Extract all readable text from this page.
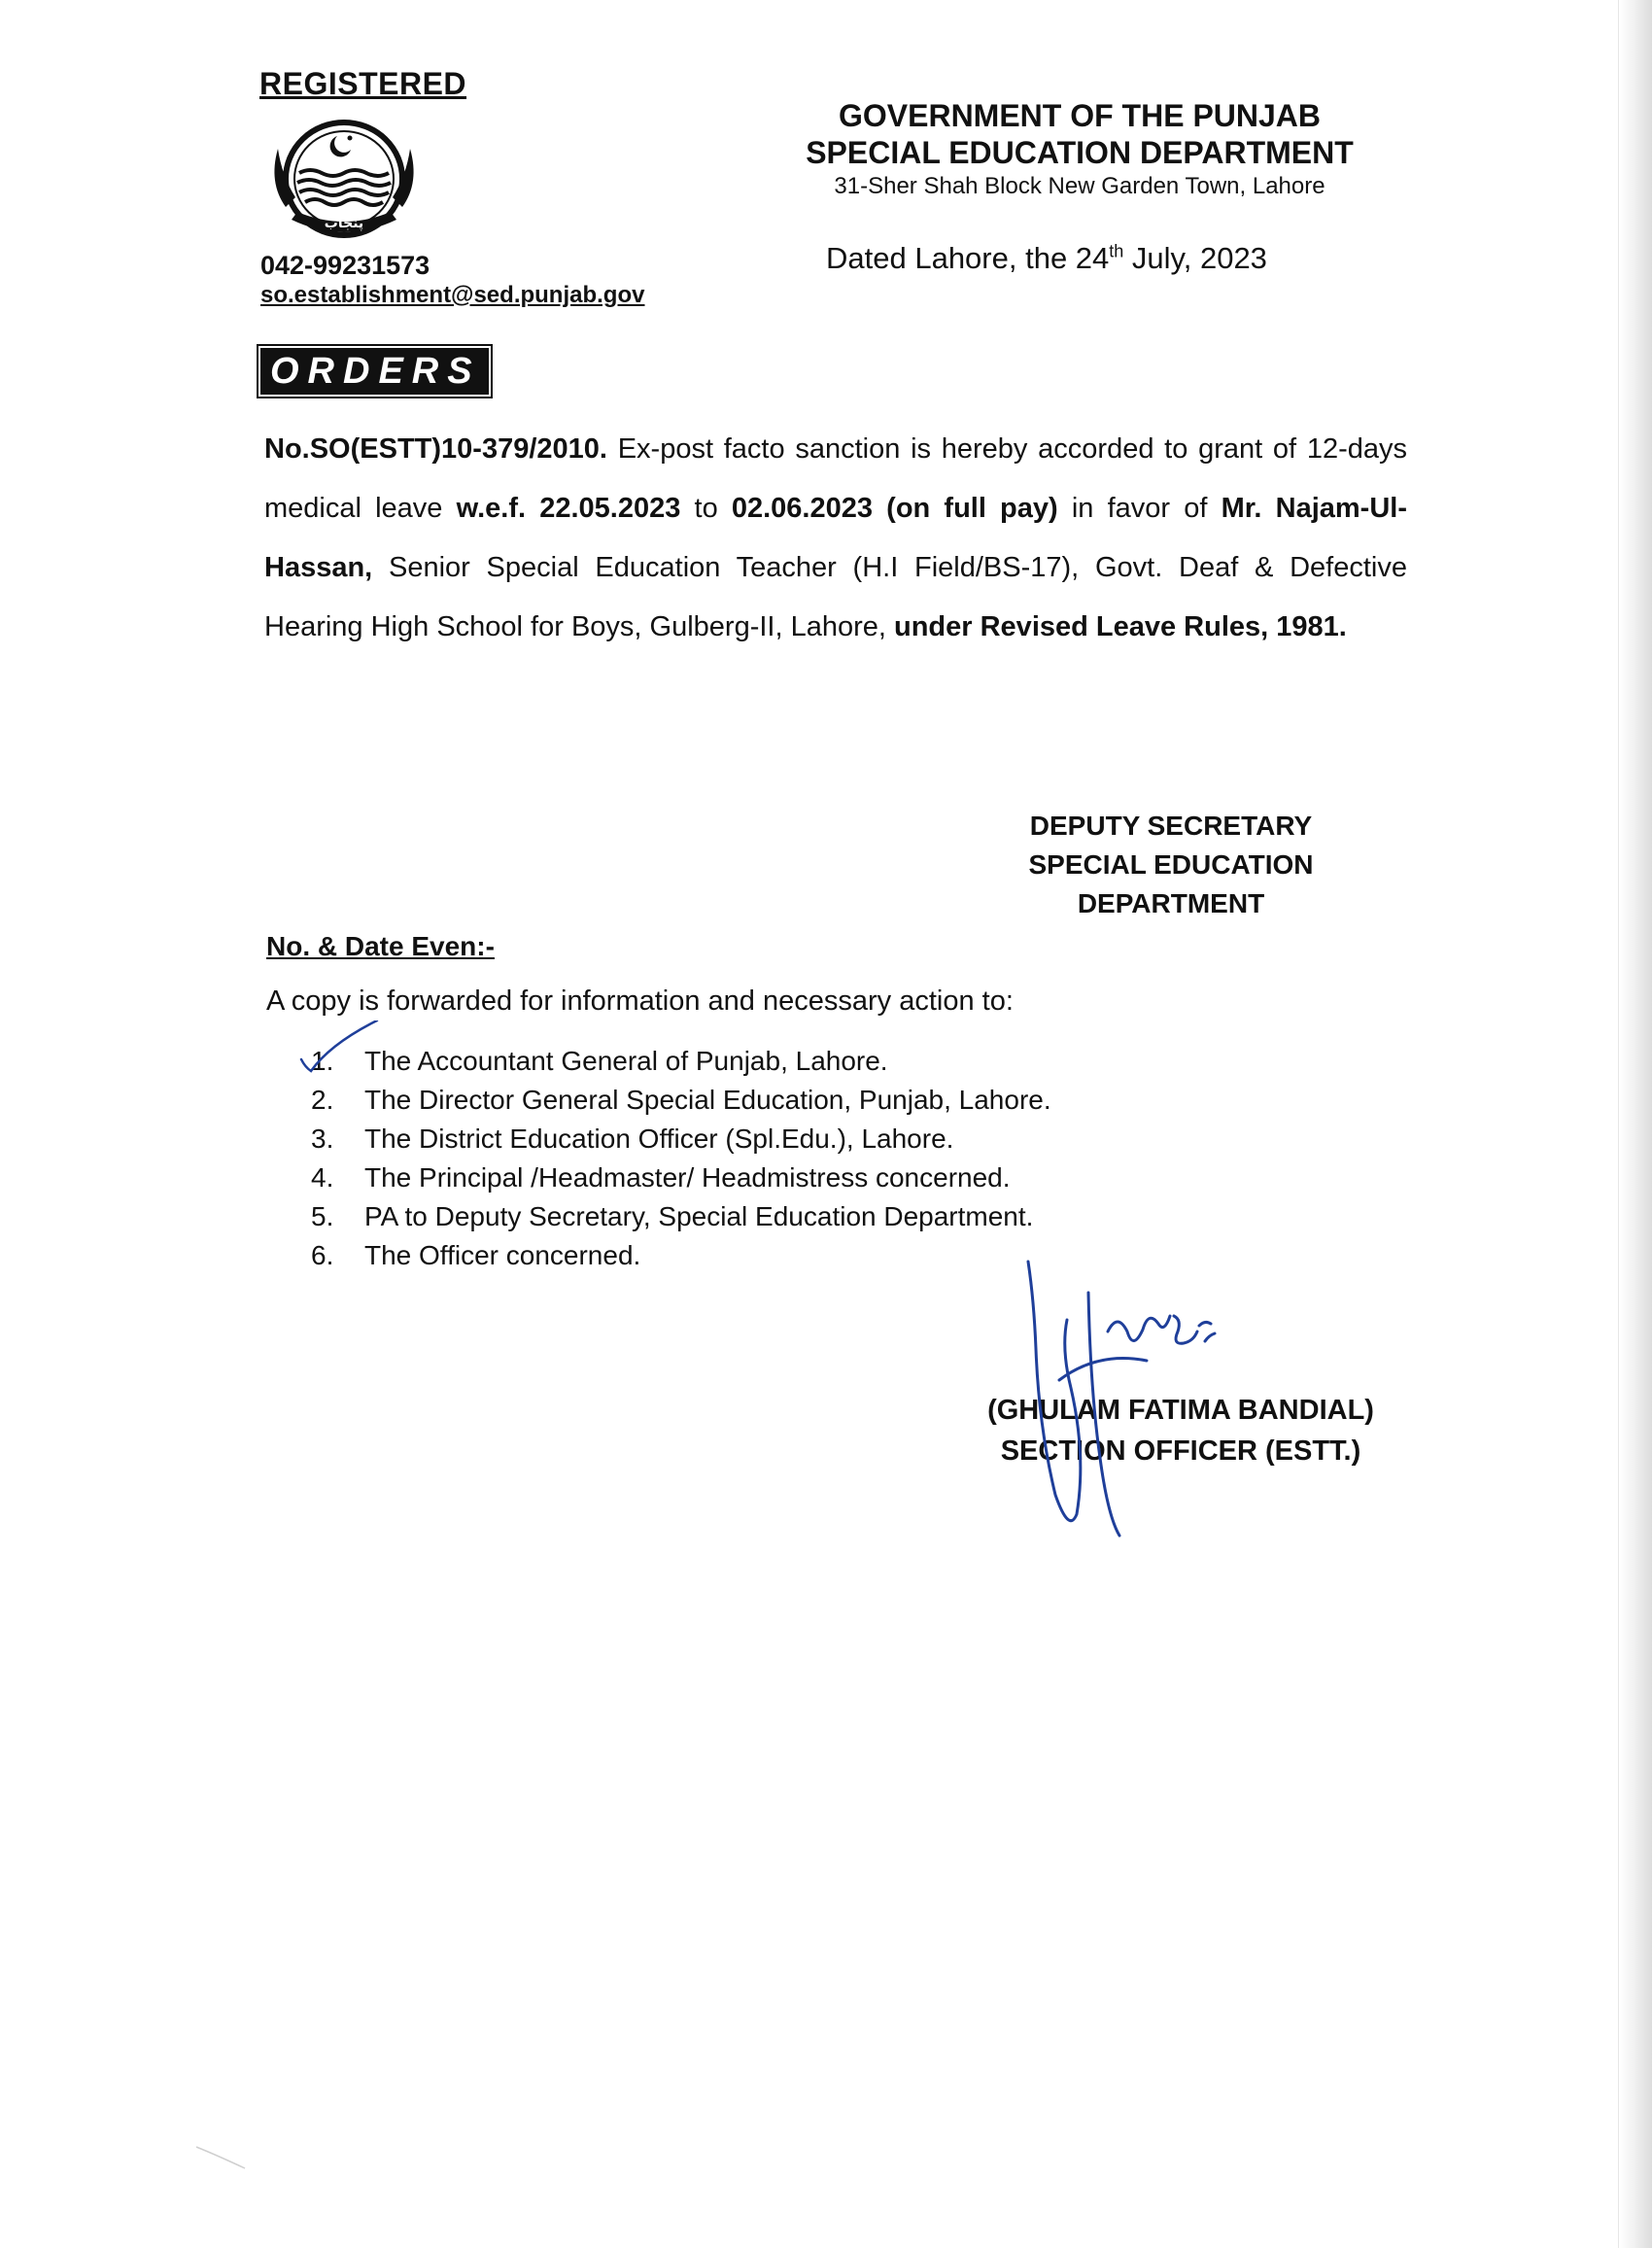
REGISTERED
پنجاب
042-99231573
so.establishment@sed.punjab.gov
GOVERNMENT OF THE PUNJAB
SPECIAL EDUCATION DEPARTMENT
31-Sher Shah Block New Garden Town, Lahore
Dated Lahore, the 24th July, 2023
ORDERS
No.SO(ESTT)10-379/2010. Ex-post facto sanction is hereby accorded to grant of 12-days medical leave w.e.f. 22.05.2023 to 02.06.2023 (on full pay) in favor of Mr. Najam-Ul-Hassan, Senior Special Education Teacher (H.I Field/BS-17), Govt. Deaf & Defective Hearing High School for Boys, Gulberg-II, Lahore, under Revised Leave Rules, 1981.
DEPUTY SECRETARY
SPECIAL EDUCATION
DEPARTMENT
No. & Date Even:-
A copy is forwarded for information and necessary action to:
1.	The Accountant General of Punjab, Lahore.
2.	The Director General Special Education, Punjab, Lahore.
3.	The District Education Officer (Spl.Edu.), Lahore.
4.	The Principal /Headmaster/ Headmistress concerned.
5.	PA to Deputy Secretary, Special Education Department.
6.	The Officer concerned.
(GHULAM FATIMA BANDIAL)
SECTION OFFICER (ESTT.)
